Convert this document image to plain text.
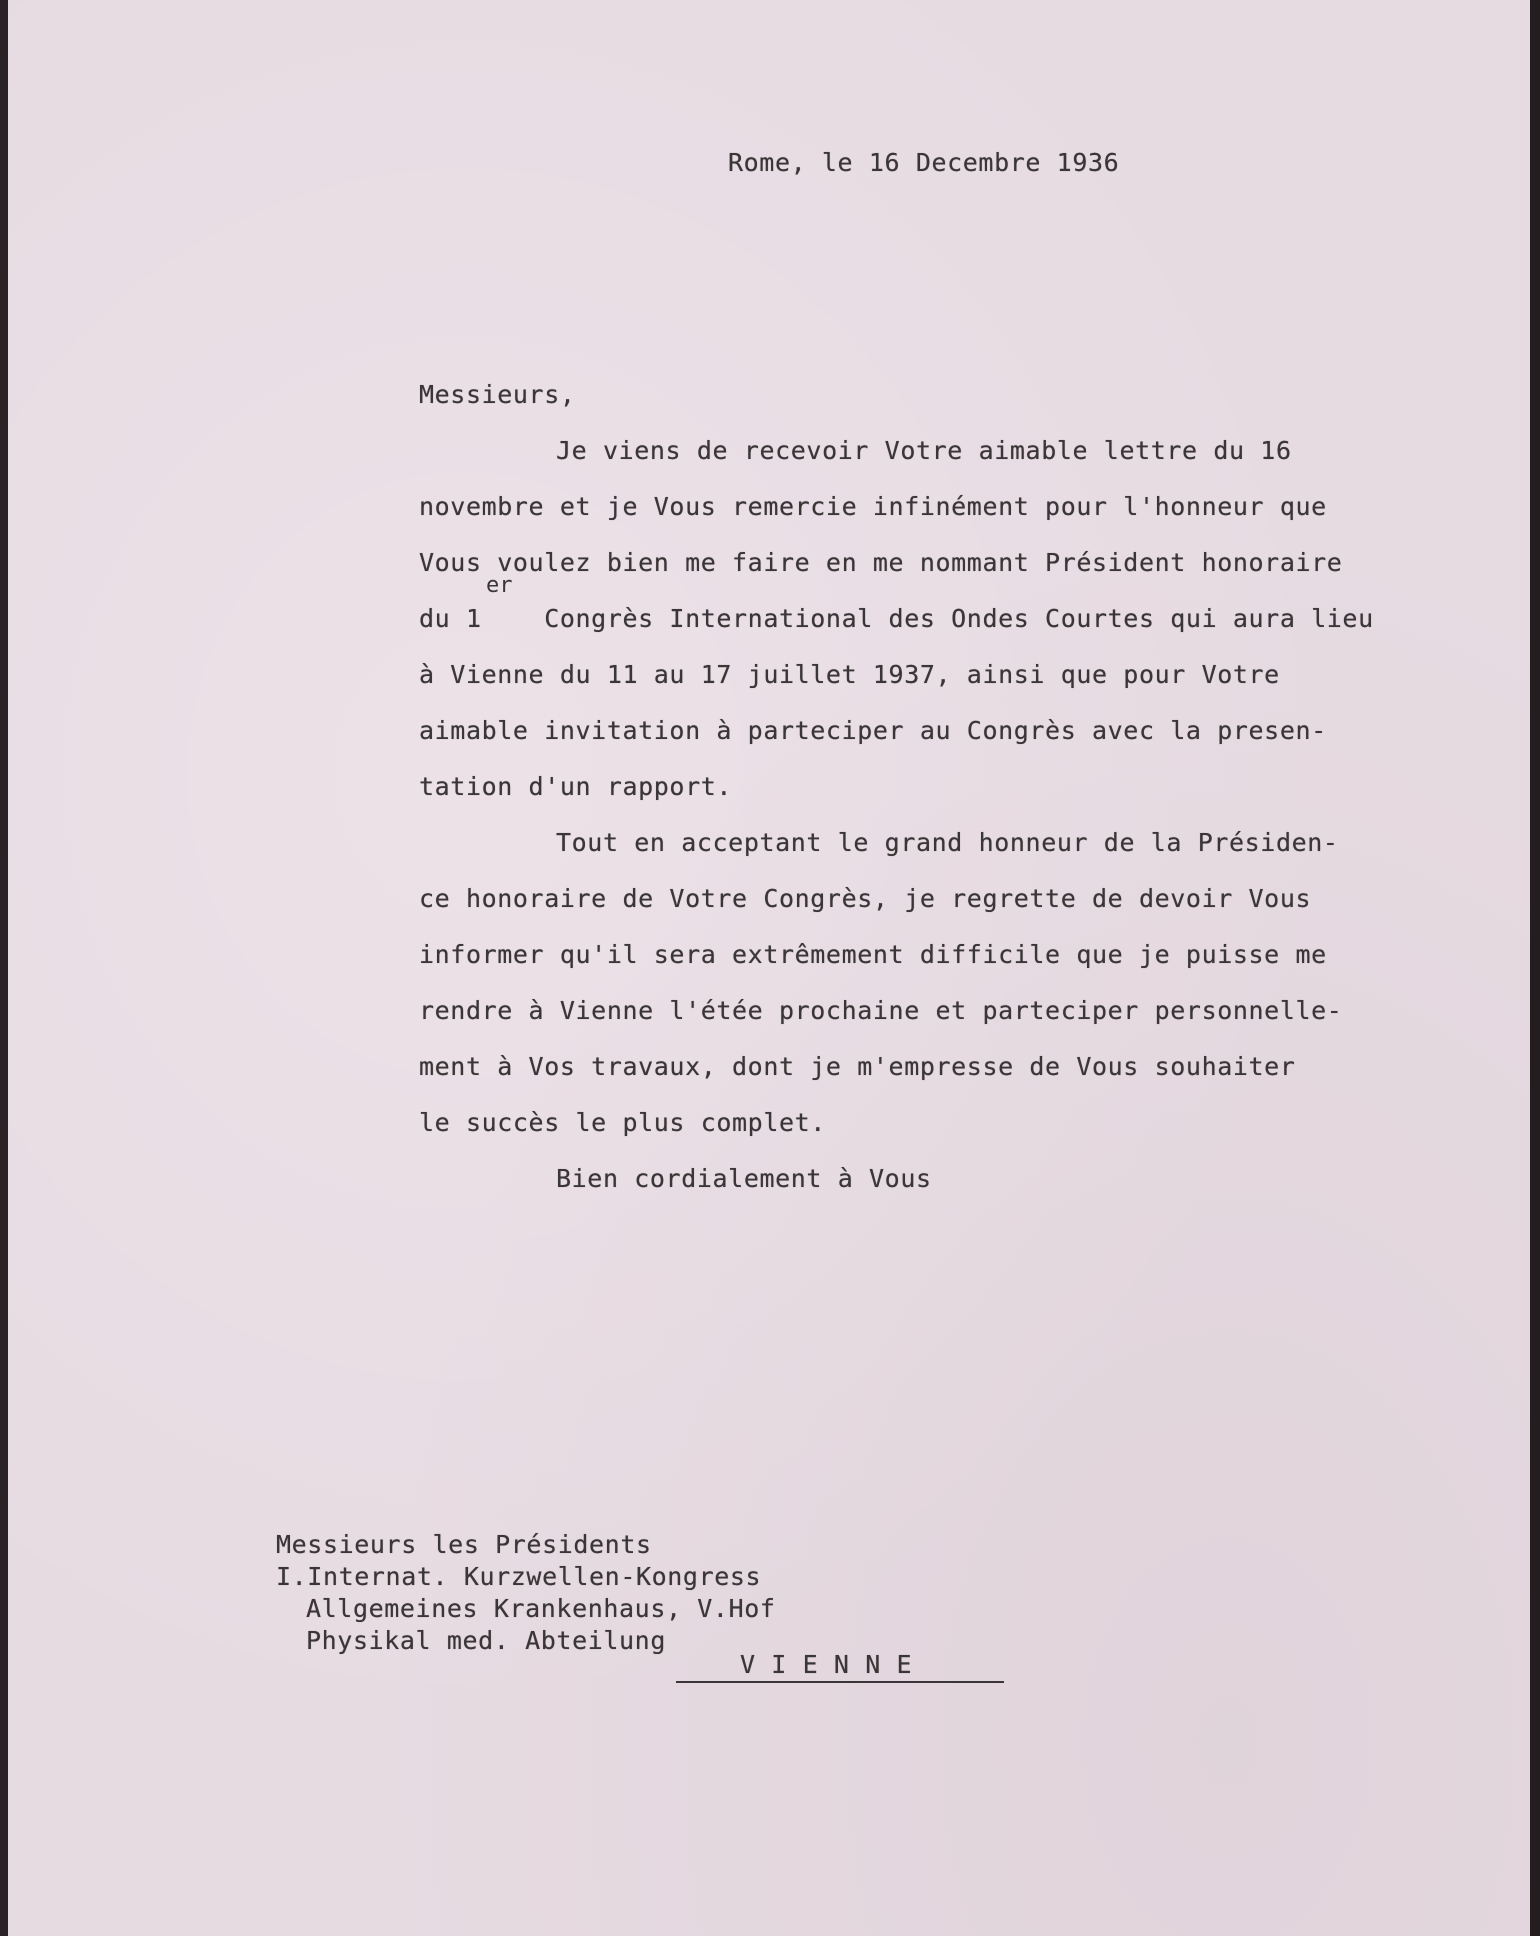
Rome, le 16 Decembre 1936
Messieurs,
Je viens de recevoir Votre aimable lettre du 16
novembre et je Vous remercie infinément pour l'honneur que
Vous voulez bien me faire en me nommant Président honoraire
er
du 1    Congrès International des Ondes Courtes qui aura lieu
à Vienne du 11 au 17 juillet 1937, ainsi que pour Votre
aimable invitation à parteciper au Congrès avec la presen-
tation d'un rapport.
Tout en acceptant le grand honneur de la Présiden-
ce honoraire de Votre Congrès, je regrette de devoir Vous
informer qu'il sera extrêmement difficile que je puisse me
rendre à Vienne l'étée prochaine et parteciper personnelle-
ment à Vos travaux, dont je m'empresse de Vous souhaiter
le succès le plus complet.
Bien cordialement à Vous
Messieurs les Présidents
I.Internat. Kurzwellen-Kongress
Allgemeines Krankenhaus, V.Hof
Physikal med. Abteilung
V I E N N E
